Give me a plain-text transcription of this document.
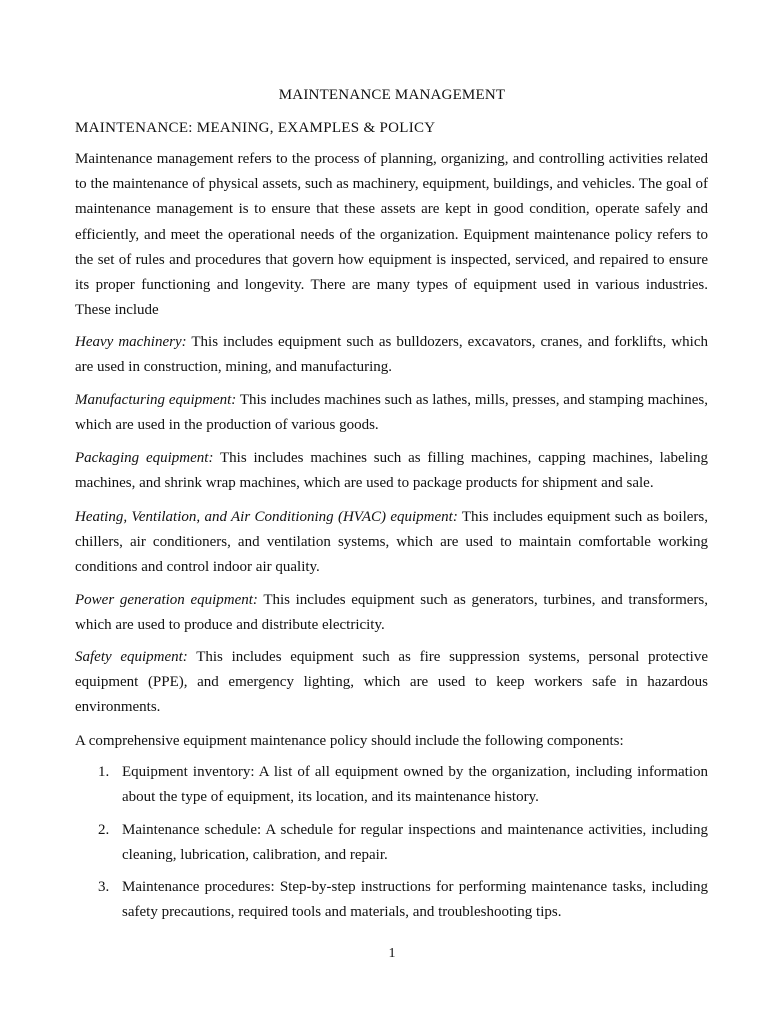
MAINTENANCE MANAGEMENT
MAINTENANCE: MEANING, EXAMPLES & POLICY

Maintenance management refers to the process of planning, organizing, and controlling activities related to the maintenance of physical assets, such as machinery, equipment, buildings, and vehicles. The goal of maintenance management is to ensure that these assets are kept in good condition, operate safely and efficiently, and meet the operational needs of the organization. Equipment maintenance policy refers to the set of rules and procedures that govern how equipment is inspected, serviced, and repaired to ensure its proper functioning and longevity. There are many types of equipment used in various industries. These include

Heavy machinery: This includes equipment such as bulldozers, excavators, cranes, and forklifts, which are used in construction, mining, and manufacturing.

Manufacturing equipment: This includes machines such as lathes, mills, presses, and stamping machines, which are used in the production of various goods.

Packaging equipment: This includes machines such as filling machines, capping machines, labeling machines, and shrink wrap machines, which are used to package products for shipment and sale.

Heating, Ventilation, and Air Conditioning (HVAC) equipment: This includes equipment such as boilers, chillers, air conditioners, and ventilation systems, which are used to maintain comfortable working conditions and control indoor air quality.

Power generation equipment: This includes equipment such as generators, turbines, and transformers, which are used to produce and distribute electricity.

Safety equipment: This includes equipment such as fire suppression systems, personal protective equipment (PPE), and emergency lighting, which are used to keep workers safe in hazardous environments.

A comprehensive equipment maintenance policy should include the following components:

1. Equipment inventory: A list of all equipment owned by the organization, including information about the type of equipment, its location, and its maintenance history.
2. Maintenance schedule: A schedule for regular inspections and maintenance activities, including cleaning, lubrication, calibration, and repair.
3. Maintenance procedures: Step-by-step instructions for performing maintenance tasks, including safety precautions, required tools and materials, and troubleshooting tips.
1
